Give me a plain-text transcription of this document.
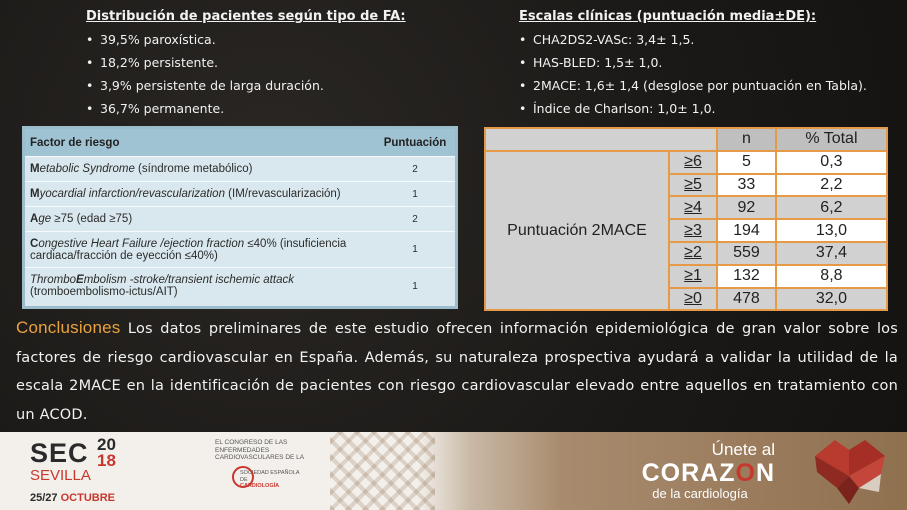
Distribución de pacientes según tipo de FA:
• 39,5% paroxística.
• 18,2% persistente.
• 3,9% persistente de larga duración.
• 36,7% permanente.
Escalas clínicas (puntuación media±DE):
• CHA2DS2-VASc: 3,4± 1,5.
• HAS-BLED: 1,5± 1,0.
• 2MACE: 1,6± 1,4 (desglose por puntuación en Tabla).
• Índice de Charlson: 1,0± 1,0.
Factor de riesgo	Puntuación
Metabolic Syndrome (síndrome metabólico)	2
Myocardial infarction/revascularization (IM/revascularización)	1
Age ≥75 (edad ≥75)	2
Congestive Heart Failure /ejection fraction ≤40% (insuficiencia cardiaca/fracción de eyección ≤40%)	1
ThromboEmbolism -stroke/transient ischemic attack
(tromboembolismo-ictus/AIT)	1
		n	% Total
Puntuación 2MACE	≥6	5	0,3
	≥5	33	2,2
	≥4	92	6,2
	≥3	194	13,0
	≥2	559	37,4
	≥1	132	8,8
	≥0	478	32,0
Conclusiones Los datos preliminares de este estudio ofrecen información epidemiológica de gran valor sobre los factores de riesgo cardiovascular en España. Además, su naturaleza prospectiva ayudará a validar la utilidad de la escala 2MACE en la identificación de pacientes con riesgo cardiovascular elevado entre aquellos en tratamiento con un ACOD.
SEC 20
18
SEVILLA
25/27 OCTUBRE
EL CONGRESO DE LAS ENFERMEDADES CARDIOVASCULARES DE LA
SOCIEDAD ESPAÑOLA DE
CARDIOLOGÍA
Únete al
CORAZON
de la cardiología
